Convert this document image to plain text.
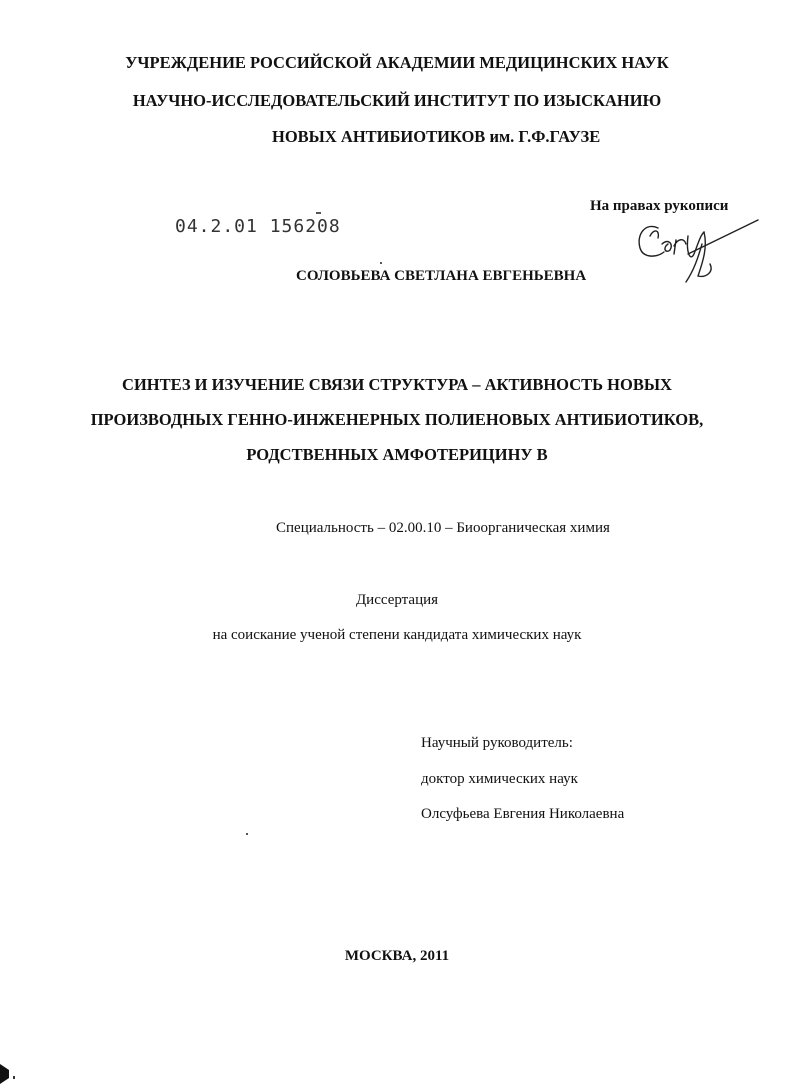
УЧРЕЖДЕНИЕ РОССИЙСКОЙ АКАДЕМИИ МЕДИЦИНСКИХ НАУК
НАУЧНО-ИССЛЕДОВАТЕЛЬСКИЙ ИНСТИТУТ ПО ИЗЫСКАНИЮ
НОВЫХ АНТИБИОТИКОВ им. Г.Ф.ГАУЗЕ
На правах рукописи
04.2.01 156208
СОЛОВЬЕВА СВЕТЛАНА ЕВГЕНЬЕВНА
СИНТЕЗ И ИЗУЧЕНИЕ СВЯЗИ СТРУКТУРА – АКТИВНОСТЬ НОВЫХ
ПРОИЗВОДНЫХ ГЕННО-ИНЖЕНЕРНЫХ ПОЛИЕНОВЫХ АНТИБИОТИКОВ,
РОДСТВЕННЫХ АМФОТЕРИЦИНУ В
Специальность – 02.00.10 – Биоорганическая химия
Диссертация
на соискание ученой степени кандидата химических наук
Научный руководитель:
доктор химических наук
Олсуфьева Евгения Николаевна
МОСКВА, 2011
